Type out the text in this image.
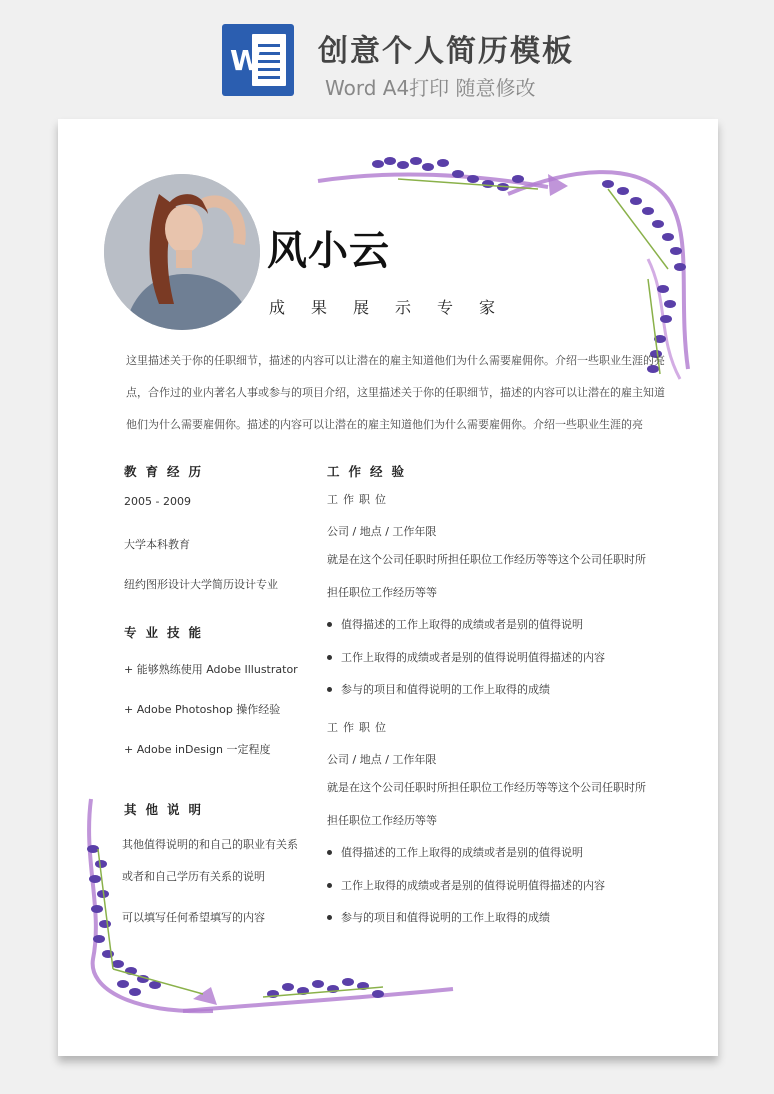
W 创意个人简历模板
Word A4打印 随意修改
风小云
成果展示专家
这里描述关于你的任职细节，描述的内容可以让潜在的雇主知道他们为什么需要雇佣你。介绍一些职业生涯的亮点，合作过的业内著名人事或参与的项目介绍，这里描述关于你的任职细节，描述的内容可以让潜在的雇主知道他们为什么需要雇佣你。描述的内容可以让潜在的雇主知道他们为什么需要雇佣你。介绍一些职业生涯的亮
教育经历
2005 - 2009
大学本科教育
纽约图形设计大学简历设计专业
专业技能
+ 能够熟练使用 Adobe Illustrator
+ Adobe Photoshop 操作经验
+ Adobe inDesign 一定程度
其他说明
其他值得说明的和自己的职业有关系
或者和自己学历有关系的说明
可以填写任何希望填写的内容
工作经验
工作职位
公司 / 地点 / 工作年限
就是在这个公司任职时所担任职位工作经历等等这个公司任职时所
担任职位工作经历等等
值得描述的工作上取得的成绩或者是别的值得说明
工作上取得的成绩或者是别的值得说明值得描述的内容
参与的项目和值得说明的工作上取得的成绩
工作职位
公司 / 地点 / 工作年限
就是在这个公司任职时所担任职位工作经历等等这个公司任职时所
担任职位工作经历等等
值得描述的工作上取得的成绩或者是别的值得说明
工作上取得的成绩或者是别的值得说明值得描述的内容
参与的项目和值得说明的工作上取得的成绩
